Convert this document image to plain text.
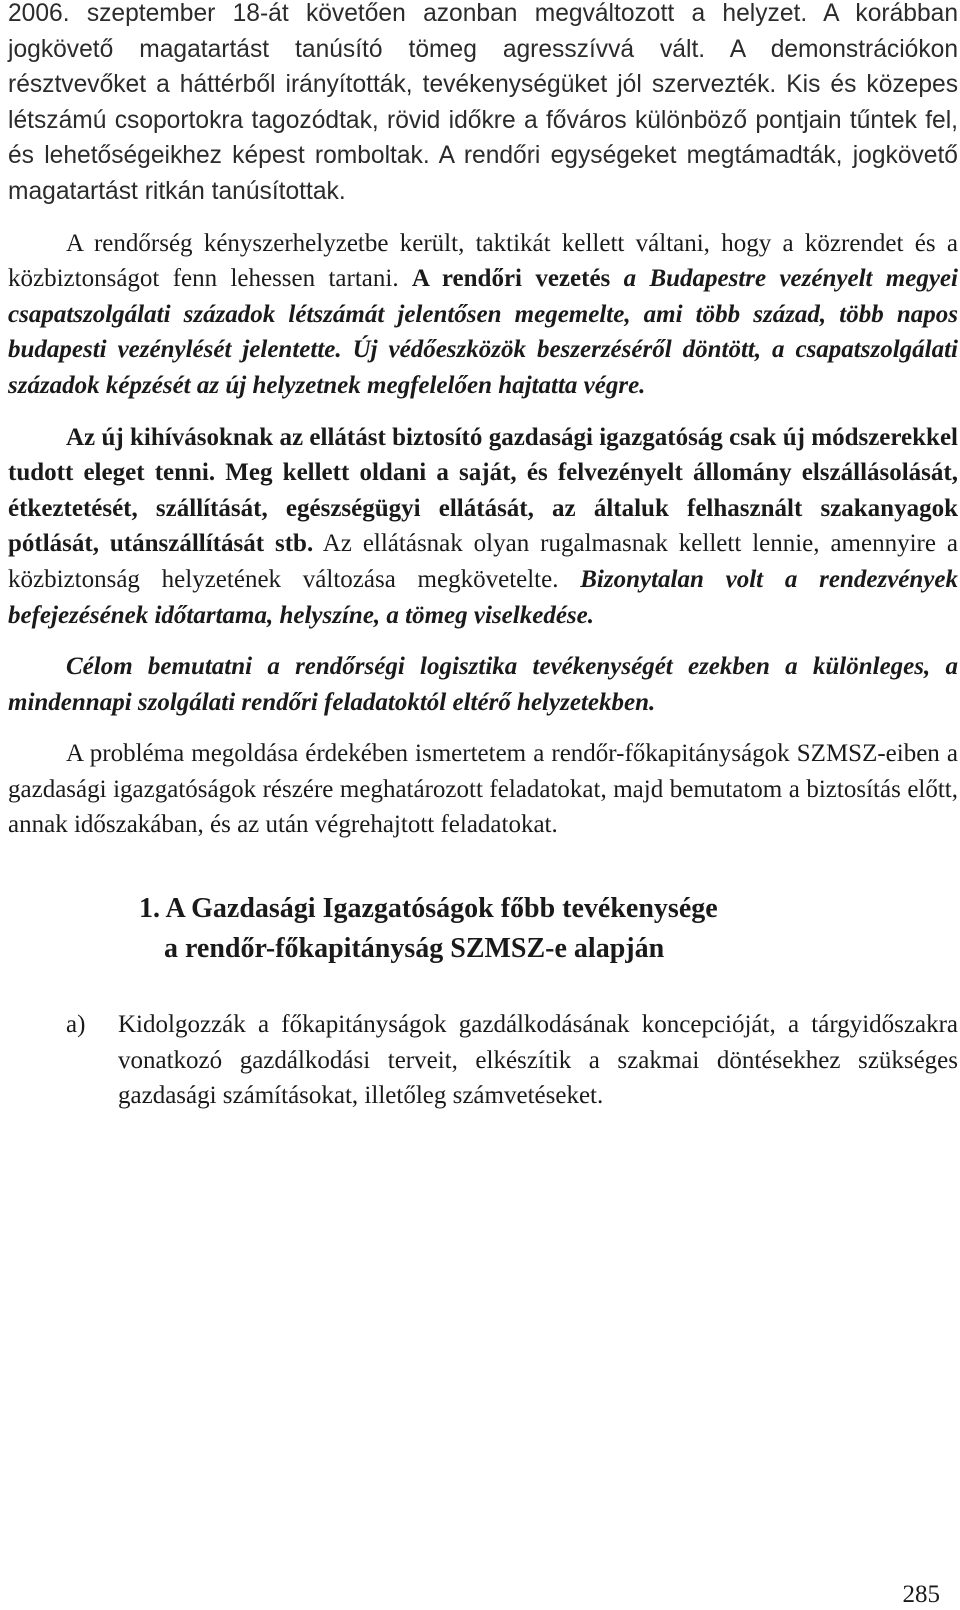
2006. szeptember 18-át követően azonban megváltozott a helyzet. A korábban jogkövető magatartást tanúsító tömeg agresszívvá vált. A demonstrációkon résztvevőket a háttérből irányították, tevékenységüket jól szervezték. Kis és közepes létszámú csoportokra tagozódtak, rövid időkre a főváros különböző pontjain tűntek fel, és lehetőségeikhez képest romboltak. A rendőri egységeket megtámadták, jogkövető magatartást ritkán tanúsítottak.

A rendőrség kényszerhelyzetbe került, taktikát kellett váltani, hogy a közrendet és a közbiztonságot fenn lehessen tartani. A rendőri vezetés a Budapestre vezényelt megyei csapatszolgálati századok létszámát jelentősen megemelte, ami több század, több napos budapesti vezénylését jelentette. Új védőeszközök beszerzéséről döntött, a csapatszolgálati századok képzését az új helyzetnek megfelelően hajtatta végre.

Az új kihívásoknak az ellátást biztosító gazdasági igazgatóság csak új módszerekkel tudott eleget tenni. Meg kellett oldani a saját, és felvezényelt állomány elszállásolását, étkeztetését, szállítását, egészségügyi ellátását, az általuk felhasznált szakanyagok pótlását, utánszállítását stb. Az ellátásnak olyan rugalmasnak kellett lennie, amennyire a közbiztonság helyzetének változása megkövetelte. Bizonytalan volt a rendezvények befejezésének időtartama, helyszíne, a tömeg viselkedése.

Célom bemutatni a rendőrségi logisztika tevékenységét ezekben a különleges, a mindennapi szolgálati rendőri feladatoktól eltérő helyzetekben.

A probléma megoldása érdekében ismertetem a rendőr-főkapitányságok SZMSZ-eiben a gazdasági igazgatóságok részére meghatározott feladatokat, majd bemutatom a biztosítás előtt, annak időszakában, és az után végrehajtott feladatokat.

1. A Gazdasági Igazgatóságok főbb tevékenysége
a rendőr-főkapitányság SZMSZ-e alapján

a) Kidolgozzák a főkapitányságok gazdálkodásának koncepcióját, a tárgyidőszakra vonatkozó gazdálkodási terveit, elkészítik a szakmai döntésekhez szükséges gazdasági számításokat, illetőleg számvetéseket.

285
